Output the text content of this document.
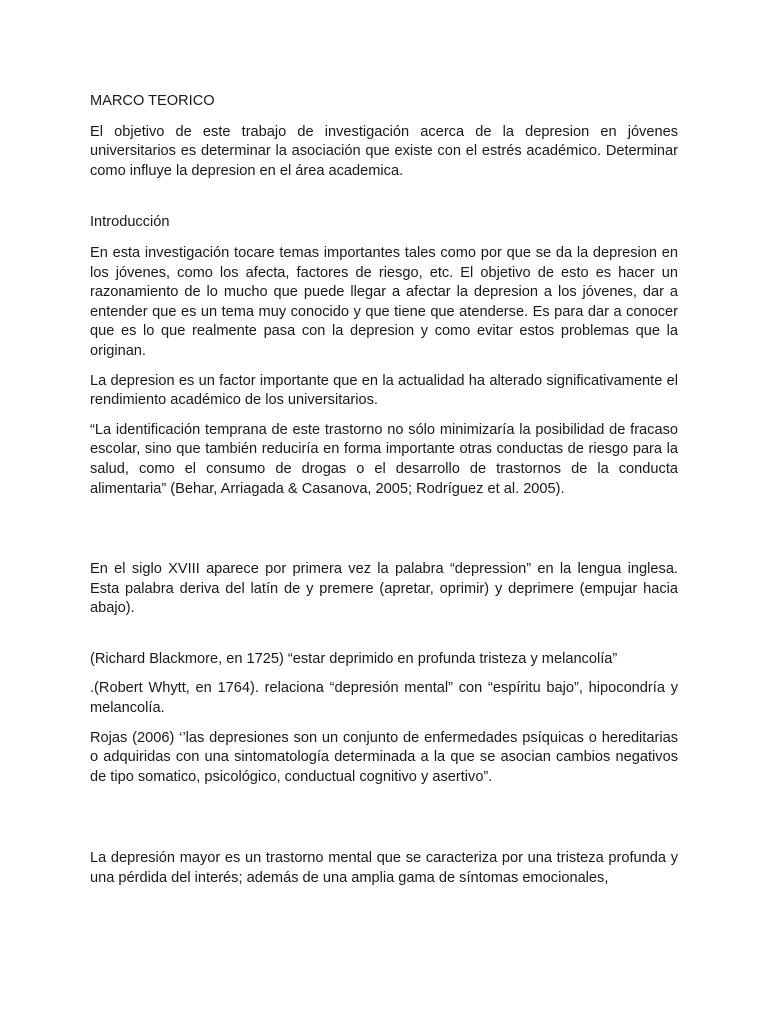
MARCO TEORICO

El objetivo de este trabajo de investigación acerca de la depresion en jóvenes universitarios es determinar la asociación que existe con el estrés académico. Determinar como influye la depresion en el área academica.

Introducción

En esta investigación tocare temas importantes tales como por que se da la depresion en los jóvenes, como los afecta, factores de riesgo, etc. El objetivo de esto es hacer un razonamiento de lo mucho que puede llegar a afectar la depresion a los jóvenes, dar a entender que es un tema muy conocido y que tiene que atenderse. Es para dar a conocer que es lo que realmente pasa con la depresion y como evitar estos problemas que la originan.

La depresion es un factor importante que en la actualidad ha alterado significativamente el rendimiento académico de los universitarios.

“La identificación temprana de este trastorno no sólo minimizaría la posibilidad de fracaso escolar, sino que también reduciría en forma importante otras conductas de riesgo para la salud, como el consumo de drogas o el desarrollo de trastornos de la conducta alimentaria” (Behar, Arriagada & Casanova, 2005; Rodríguez et al. 2005).

En el siglo XVIII aparece por primera vez la palabra “depression” en la lengua inglesa. Esta palabra deriva del latín de y premere (apretar, oprimir) y deprimere (empujar hacia abajo).

(Richard Blackmore, en 1725) “estar deprimido en profunda tristeza y melancolía”

.(Robert Whytt, en 1764). relaciona “depresión mental” con “espíritu bajo”, hipocondría y melancolía.

Rojas (2006) ‘’las depresiones son un conjunto de enfermedades psíquicas o hereditarias o adquiridas con una sintomatología determinada a la que se asocian cambios negativos de tipo somatico, psicológico, conductual cognitivo y asertivo”.

La depresión mayor es un trastorno mental que se caracteriza por una tristeza profunda y una pérdida del interés; además de una amplia gama de síntomas emocionales,
